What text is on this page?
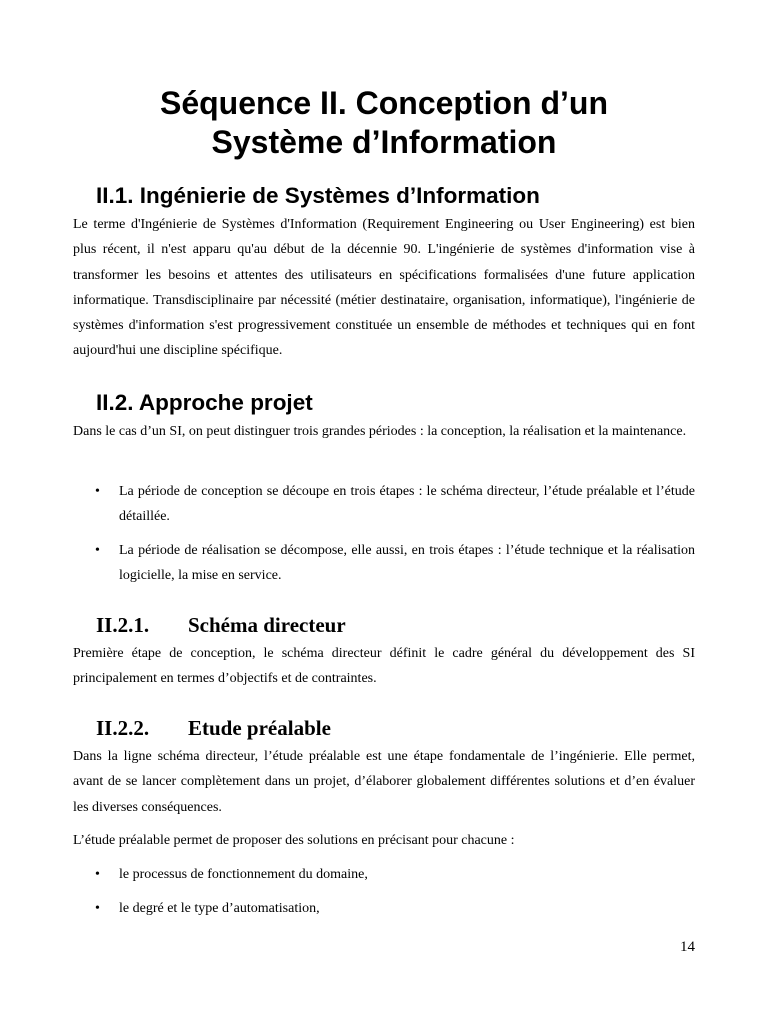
Séquence II. Conception d’un
Système d’Information
II.1. Ingénierie de Systèmes d’Information

Le terme d'Ingénierie de Systèmes d'Information (Requirement Engineering ou User Engineering) est bien plus récent, il n'est apparu qu'au début de la décennie 90. L'ingénierie de systèmes d'information vise à transformer les besoins et attentes des utilisateurs en spécifications formalisées d'une future application informatique. Transdisciplinaire par nécessité (métier destinataire, organisation, informatique), l'ingénierie de systèmes d'information s'est progressivement constituée un ensemble de méthodes et techniques qui en font aujourd'hui une discipline spécifique.

II.2. Approche projet

Dans le cas d’un SI, on peut distinguer trois grandes périodes : la conception, la réalisation et la maintenance.

• La période de conception se découpe en trois étapes : le schéma directeur, l’étude préalable et l’étude détaillée.
• La période de réalisation se décompose, elle aussi, en trois étapes : l’étude technique et la réalisation logicielle, la mise en service.
II.2.1. Schéma directeur

Première étape de conception, le schéma directeur définit le cadre général du développement des SI principalement en termes d’objectifs et de contraintes.

II.2.2. Etude préalable

Dans la ligne schéma directeur, l’étude préalable est une étape fondamentale de l’ingénierie. Elle permet, avant de se lancer complètement dans un projet, d’élaborer globalement différentes solutions et d’en évaluer les diverses conséquences.

L’étude préalable permet de proposer des solutions en précisant pour chacune :

• le processus de fonctionnement du domaine,
• le degré et le type d’automatisation,
14
